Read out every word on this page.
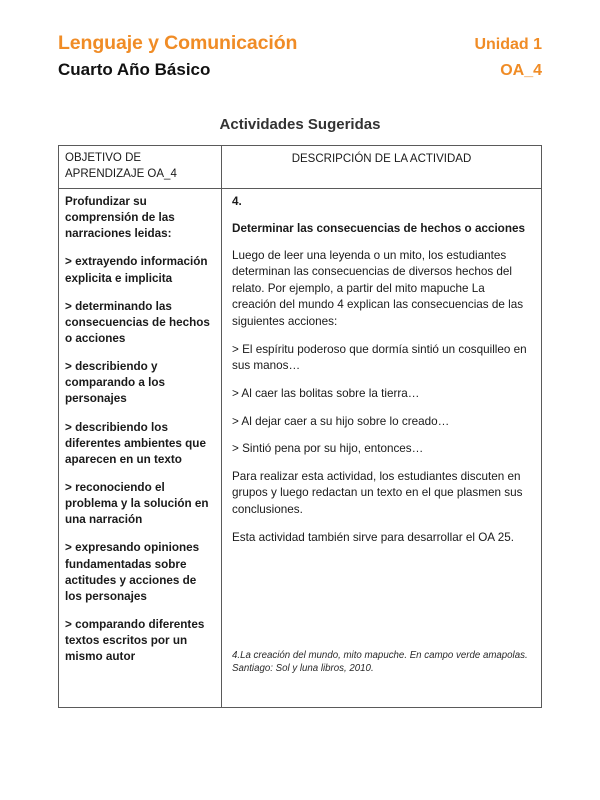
Lenguaje y Comunicación	Unidad 1
Cuarto Año Básico	OA_4
Actividades Sugeridas
OBJETIVO DE APRENDIZAJE OA_4
DESCRIPCIÓN DE LA ACTIVIDAD

Profundizar su comprensión de las narraciones leidas:

> extrayendo información explicita e implicita

> determinando las consecuencias de hechos o acciones

> describiendo y comparando a los personajes

> describiendo los diferentes ambientes que aparecen en un texto

> reconociendo el problema y la solución en una narración

> expresando opiniones fundamentadas sobre actitudes y acciones de los personajes

> comparando diferentes textos escritos por un mismo autor

4.

Determinar las consecuencias de hechos o acciones

Luego de leer una leyenda o un mito, los estudiantes determinan las consecuencias de diversos hechos del relato. Por ejemplo, a partir del mito mapuche La creación del mundo 4 explican las consecuencias de las siguientes acciones:

> El espíritu poderoso que dormía sintió un cosquilleo en sus manos…

> Al caer las bolitas sobre la tierra…

> Al dejar caer a su hijo sobre lo creado…

> Sintió pena por su hijo, entonces…

Para realizar esta actividad, los estudiantes discuten en grupos y luego redactan un texto en el que plasmen sus conclusiones.

Esta actividad también sirve para desarrollar el OA 25.

4.La creación del mundo, mito mapuche. En campo verde amapolas. Santiago: Sol y luna libros, 2010.
